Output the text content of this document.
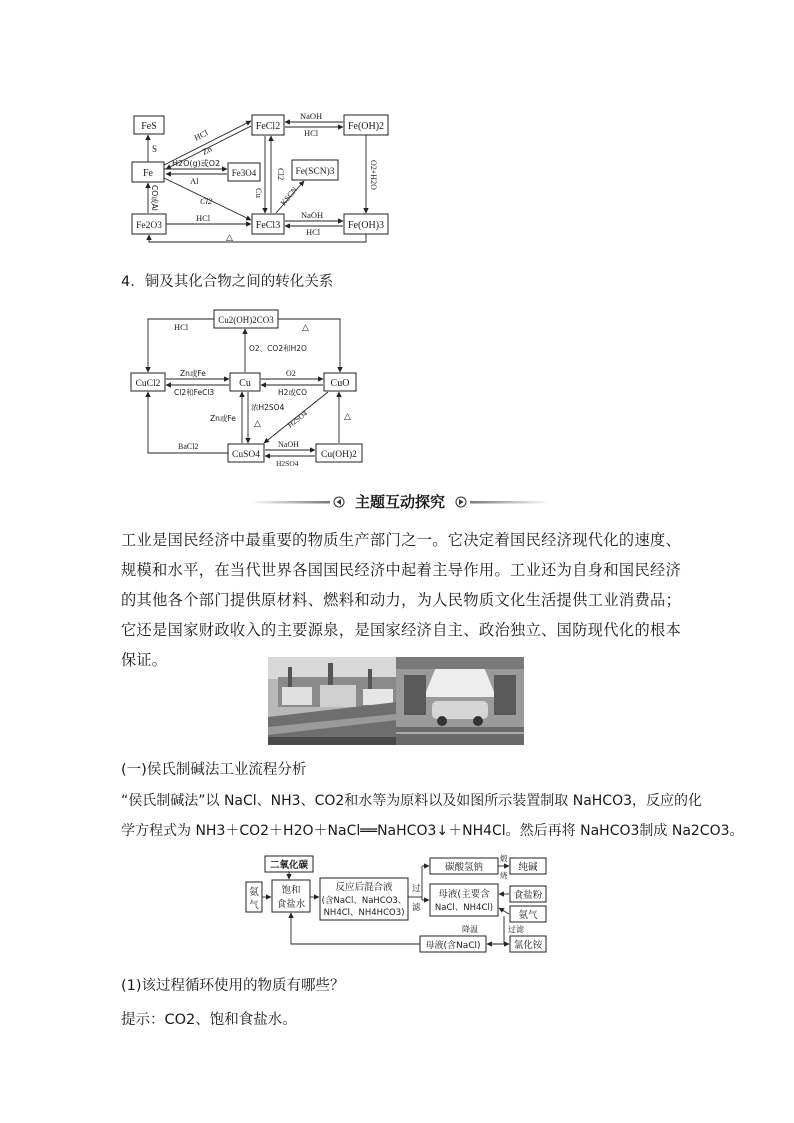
FeS	FeCl2	Fe(OH)2
Fe	Fe3O4	Fe(SCN)3
Fe2O3	FeCl3	Fe(OH)3
S
HCl
Zn
H2O(g)或O2
Al
Cl2
NaOH
HCl
Cl2
Cu KSCN
O2+H2O
CO或Al
HCl	NaOH
HCl
△
4．铜及其化合物之间的转化关系
Cu2(OH)2CO3
CuCl2	Cu	CuO
CuSO4	Cu(OH)2
HCl	△
O2、CO2和H2O
Zn或Fe
Cl2和FeCl3
O2
H2或CO
Zn或Fe
浓H2SO4
△	H2SO4	△
BaCl2	NaOH
H2SO4
主题互动探究
工业是国民经济中最重要的物质生产部门之一。它决定着国民经济现代化的速度、规模和水平，在当代世界各国国民经济中起着主导作用。工业还为自身和国民经济的其他各个部门提供原材料、燃料和动力，为人民物质文化生活提供工业消费品；它还是国家财政收入的主要源泉，是国家经济自主、政治独立、国防现代化的根本保证。
(一)侯氏制碱法工业流程分析
“侯氏制碱法”以 NaCl、NH3、CO2和水等为原料以及如图所示装置制取 NaHCO3，反应的化
学方程式为 NH3＋CO2＋H2O＋NaCl══NaHCO3↓＋NH4Cl。然后再将 NaHCO3制成 Na2CO3。
二氧化碳
氨
气
饱和
食盐水
反应后混合液
(含NaCl、NaHCO3、
NH4Cl、NH4HCO3)
碳酸氢钠	纯碱
母液(主要含
NaCl、NH4Cl)
食盐粉
氨气
母液(含NaCl)	氯化铵
过
滤
煅
烧
降温	过滤
(1)该过程循环使用的物质有哪些？
提示：CO2、饱和食盐水。
